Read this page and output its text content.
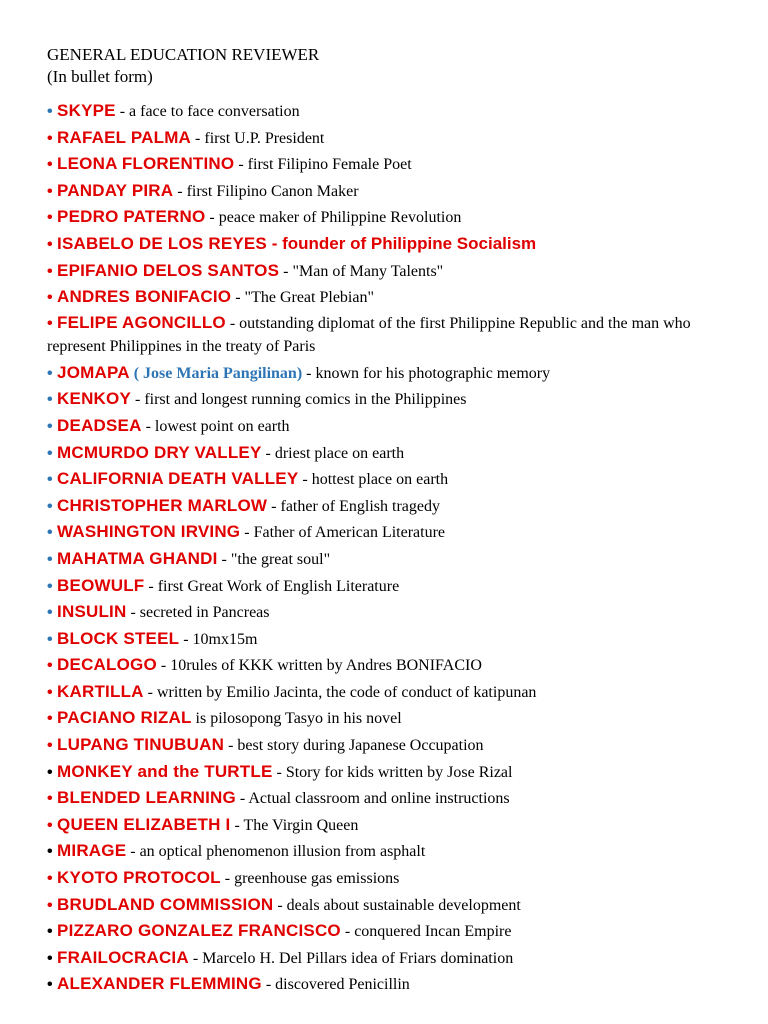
GENERAL EDUCATION REVIEWER
(In bullet form)
• SKYPE - a face to face conversation
• RAFAEL PALMA - first U.P. President
• LEONA FLORENTINO - first Filipino Female Poet
• PANDAY PIRA - first Filipino Canon Maker
• PEDRO PATERNO - peace maker of Philippine Revolution
• ISABELO DE LOS REYES - founder of Philippine Socialism
• EPIFANIO DELOS SANTOS - "Man of Many Talents"
• ANDRES BONIFACIO - "The Great Plebian"
• FELIPE AGONCILLO - outstanding diplomat of the first Philippine Republic and the man who represent Philippines in the treaty of Paris
• JOMAPA ( Jose Maria Pangilinan) - known for his photographic memory
• KENKOY - first and longest running comics in the Philippines
• DEADSEA - lowest point on earth
• MCMURDO DRY VALLEY - driest place on earth
• CALIFORNIA DEATH VALLEY - hottest place on earth
• CHRISTOPHER MARLOW - father of English tragedy
• WASHINGTON IRVING - Father of American Literature
• MAHATMA GHANDI - "the great soul"
• BEOWULF - first Great Work of English Literature
• INSULIN - secreted in Pancreas
• BLOCK STEEL - 10mx15m
• DECALOGO - 10rules of KKK written by Andres BONIFACIO
• KARTILLA - written by Emilio Jacinta, the code of conduct of katipunan
• PACIANO RIZAL is pilosopong Tasyo in his novel
• LUPANG TINUBUAN - best story during Japanese Occupation
• MONKEY and the TURTLE - Story for kids written by Jose Rizal
• BLENDED LEARNING - Actual classroom and online instructions
• QUEEN ELIZABETH I - The Virgin Queen
• MIRAGE - an optical phenomenon illusion from asphalt
• KYOTO PROTOCOL - greenhouse gas emissions
• BRUDLAND COMMISSION - deals about sustainable development
• PIZZARO GONZALEZ FRANCISCO - conquered Incan Empire
• FRAILOCRACIA - Marcelo H. Del Pillars idea of Friars domination
• ALEXANDER FLEMMING - discovered Penicillin
